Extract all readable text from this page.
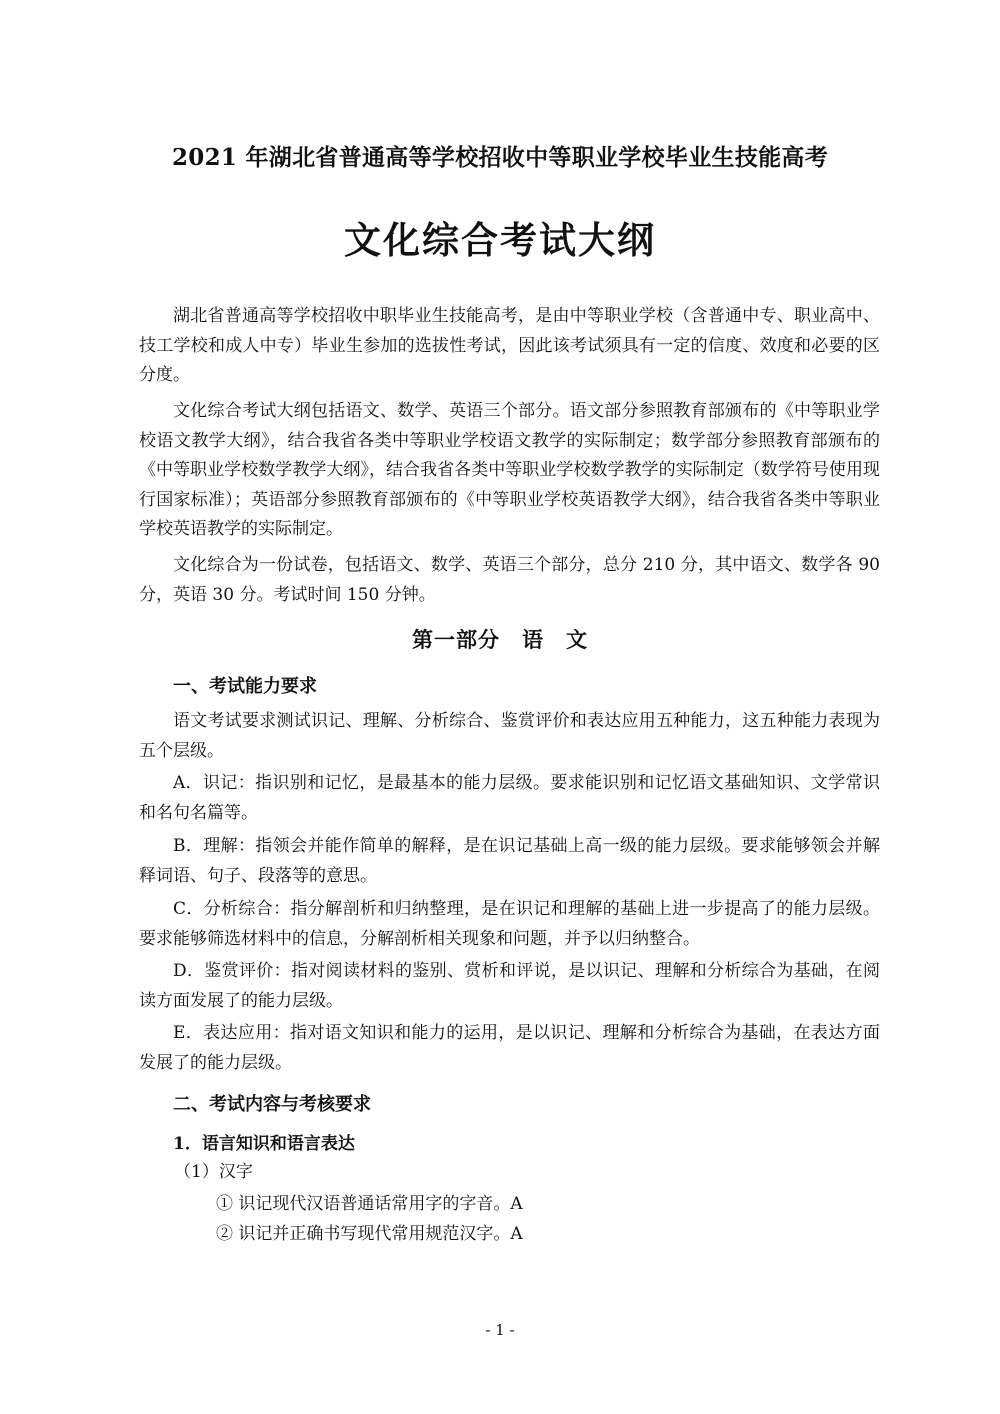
2021 年湖北省普通高等学校招收中等职业学校毕业生技能高考
文化综合考试大纲

湖北省普通高等学校招收中职毕业生技能高考，是由中等职业学校（含普通中专、职业高中、技工学校和成人中专）毕业生参加的选拔性考试，因此该考试须具有一定的信度、效度和必要的区分度。

文化综合考试大纲包括语文、数学、英语三个部分。语文部分参照教育部颁布的《中等职业学校语文教学大纲》，结合我省各类中等职业学校语文教学的实际制定；数学部分参照教育部颁布的《中等职业学校数学教学大纲》，结合我省各类中等职业学校数学教学的实际制定（数学符号使用现行国家标准）；英语部分参照教育部颁布的《中等职业学校英语教学大纲》，结合我省各类中等职业学校英语教学的实际制定。

文化综合为一份试卷，包括语文、数学、英语三个部分，总分 210 分，其中语文、数学各 90 分，英语 30 分。考试时间 150 分钟。

第一部分　语　文
一、考试能力要求

语文考试要求测试识记、理解、分析综合、鉴赏评价和表达应用五种能力，这五种能力表现为五个层级。

A．识记：指识别和记忆，是最基本的能力层级。要求能识别和记忆语文基础知识、文学常识和名句名篇等。

B．理解：指领会并能作简单的解释，是在识记基础上高一级的能力层级。要求能够领会并解释词语、句子、段落等的意思。

C．分析综合：指分解剖析和归纳整理，是在识记和理解的基础上进一步提高了的能力层级。要求能够筛选材料中的信息，分解剖析相关现象和问题，并予以归纳整合。

D．鉴赏评价：指对阅读材料的鉴别、赏析和评说，是以识记、理解和分析综合为基础，在阅读方面发展了的能力层级。

E．表达应用：指对语文知识和能力的运用，是以识记、理解和分析综合为基础，在表达方面发展了的能力层级。

二、考试内容与考核要求
1．语言知识和语言表达

（1）汉字

① 识记现代汉语普通话常用字的字音。A

② 识记并正确书写现代常用规范汉字。A

- 1 -
